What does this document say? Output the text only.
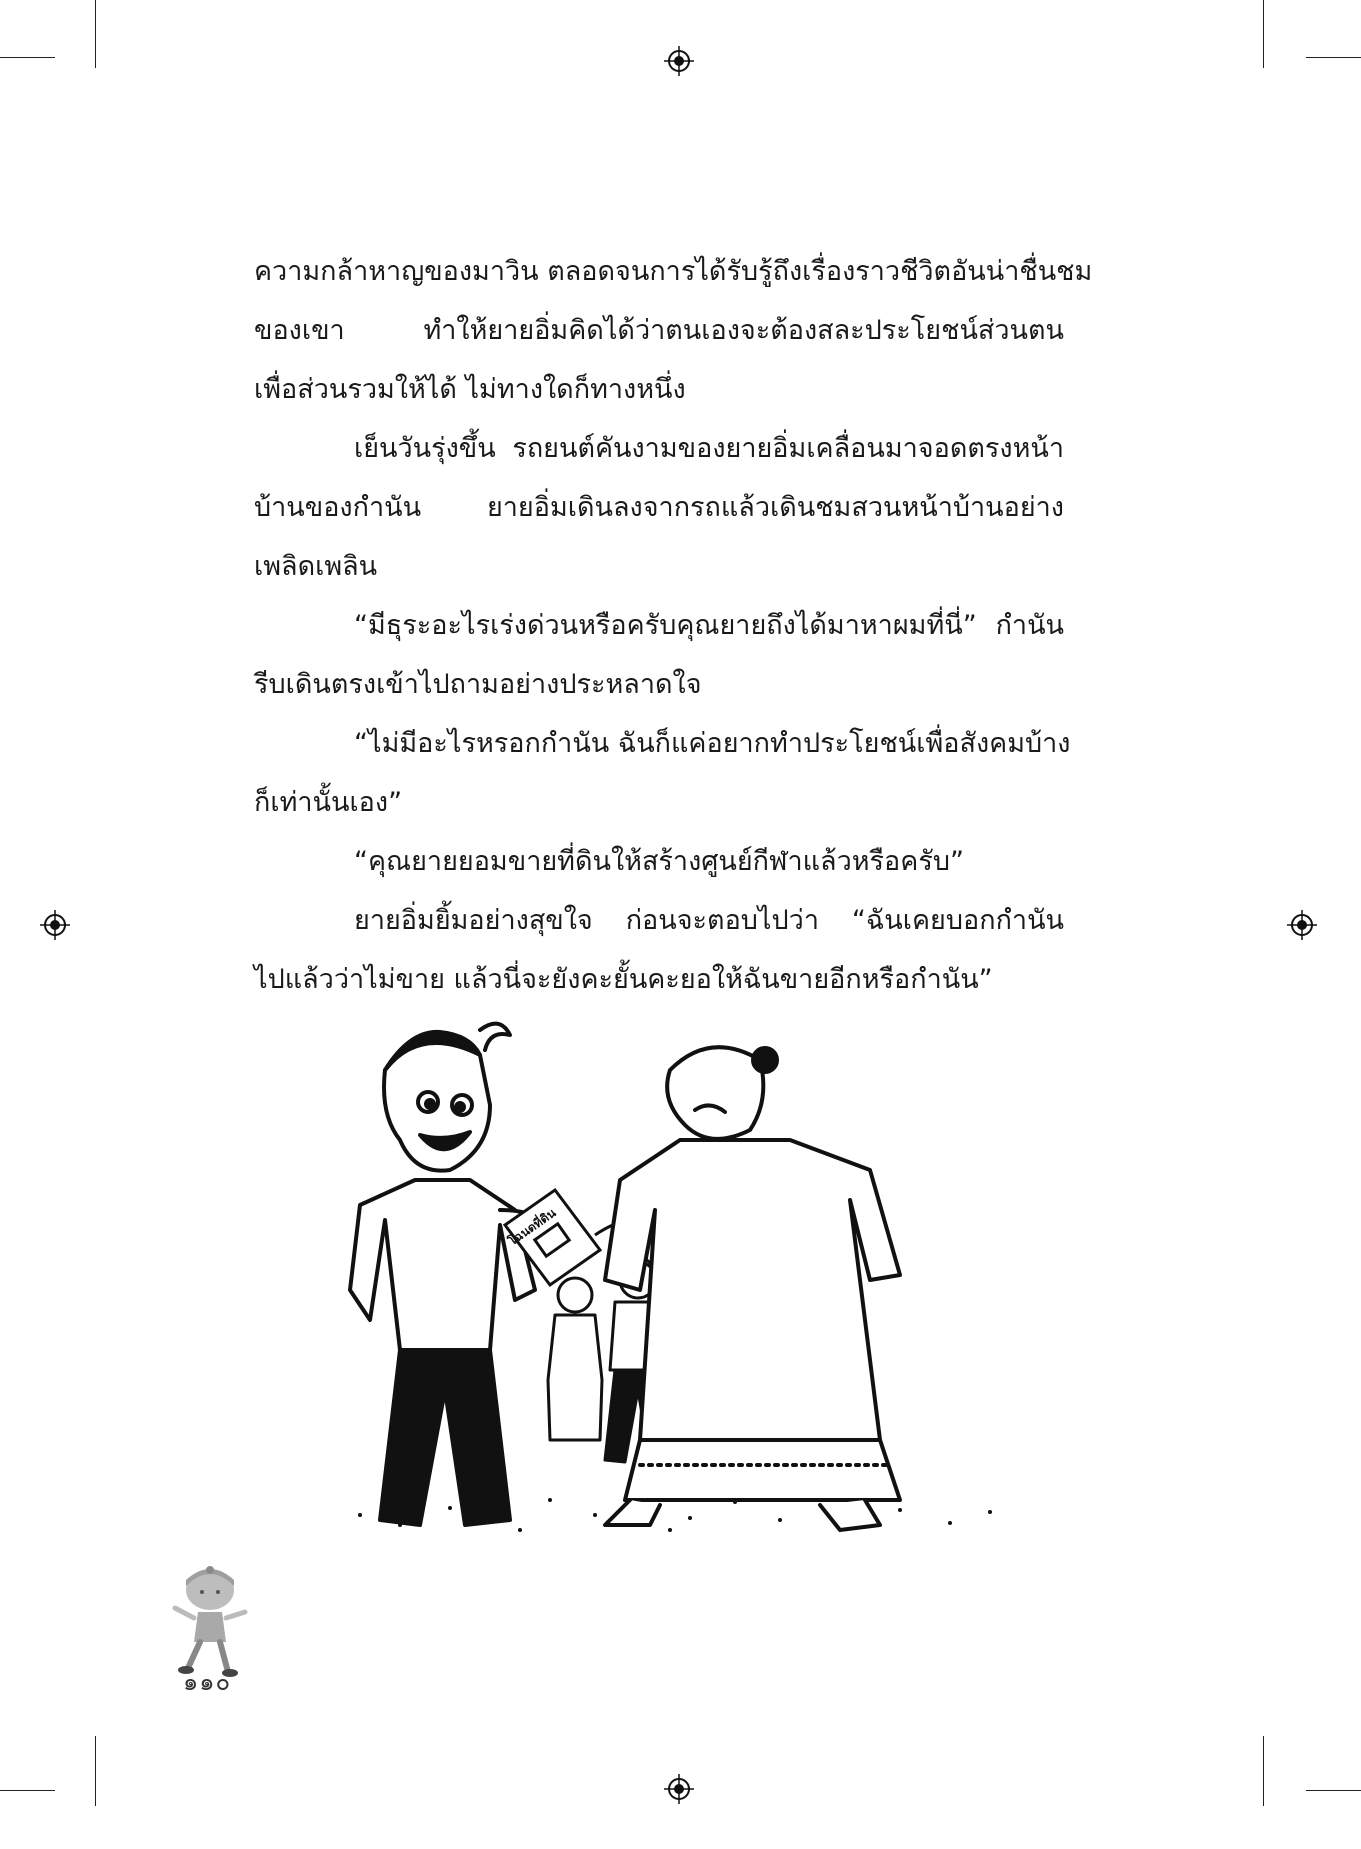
ความกล้าหาญของมาวิน ตลอดจนการได้รับรู้ถึงเรื่องราวชีวิตอันน่าชื่นชม
ของเขา ทำให้ยายอิ่มคิดได้ว่าตนเองจะต้องสละประโยชน์ส่วนตน
เพื่อส่วนรวมให้ได้ ไม่ทางใดก็ทางหนึ่ง
เย็นวันรุ่งขึ้น รถยนต์คันงามของยายอิ่มเคลื่อนมาจอดตรงหน้า
บ้านของกำนัน ยายอิ่มเดินลงจากรถแล้วเดินชมสวนหน้าบ้านอย่าง
เพลิดเพลิน
“มีธุระอะไรเร่งด่วนหรือครับคุณยายถึงได้มาหาผมที่นี่” กำนัน
รีบเดินตรงเข้าไปถามอย่างประหลาดใจ
“ไม่มีอะไรหรอกกำนัน ฉันก็แค่อยากทำประโยชน์เพื่อสังคมบ้าง
ก็เท่านั้นเอง”
“คุณยายยอมขายที่ดินให้สร้างศูนย์กีฬาแล้วหรือครับ”
ยายอิ่มยิ้มอย่างสุขใจ ก่อนจะตอบไปว่า “ฉันเคยบอกกำนัน
ไปแล้วว่าไม่ขาย แล้วนี่จะยังคะยั้นคะยอให้ฉันขายอีกหรือกำนัน”
โฉนดที่ดิน
๑๑๐
